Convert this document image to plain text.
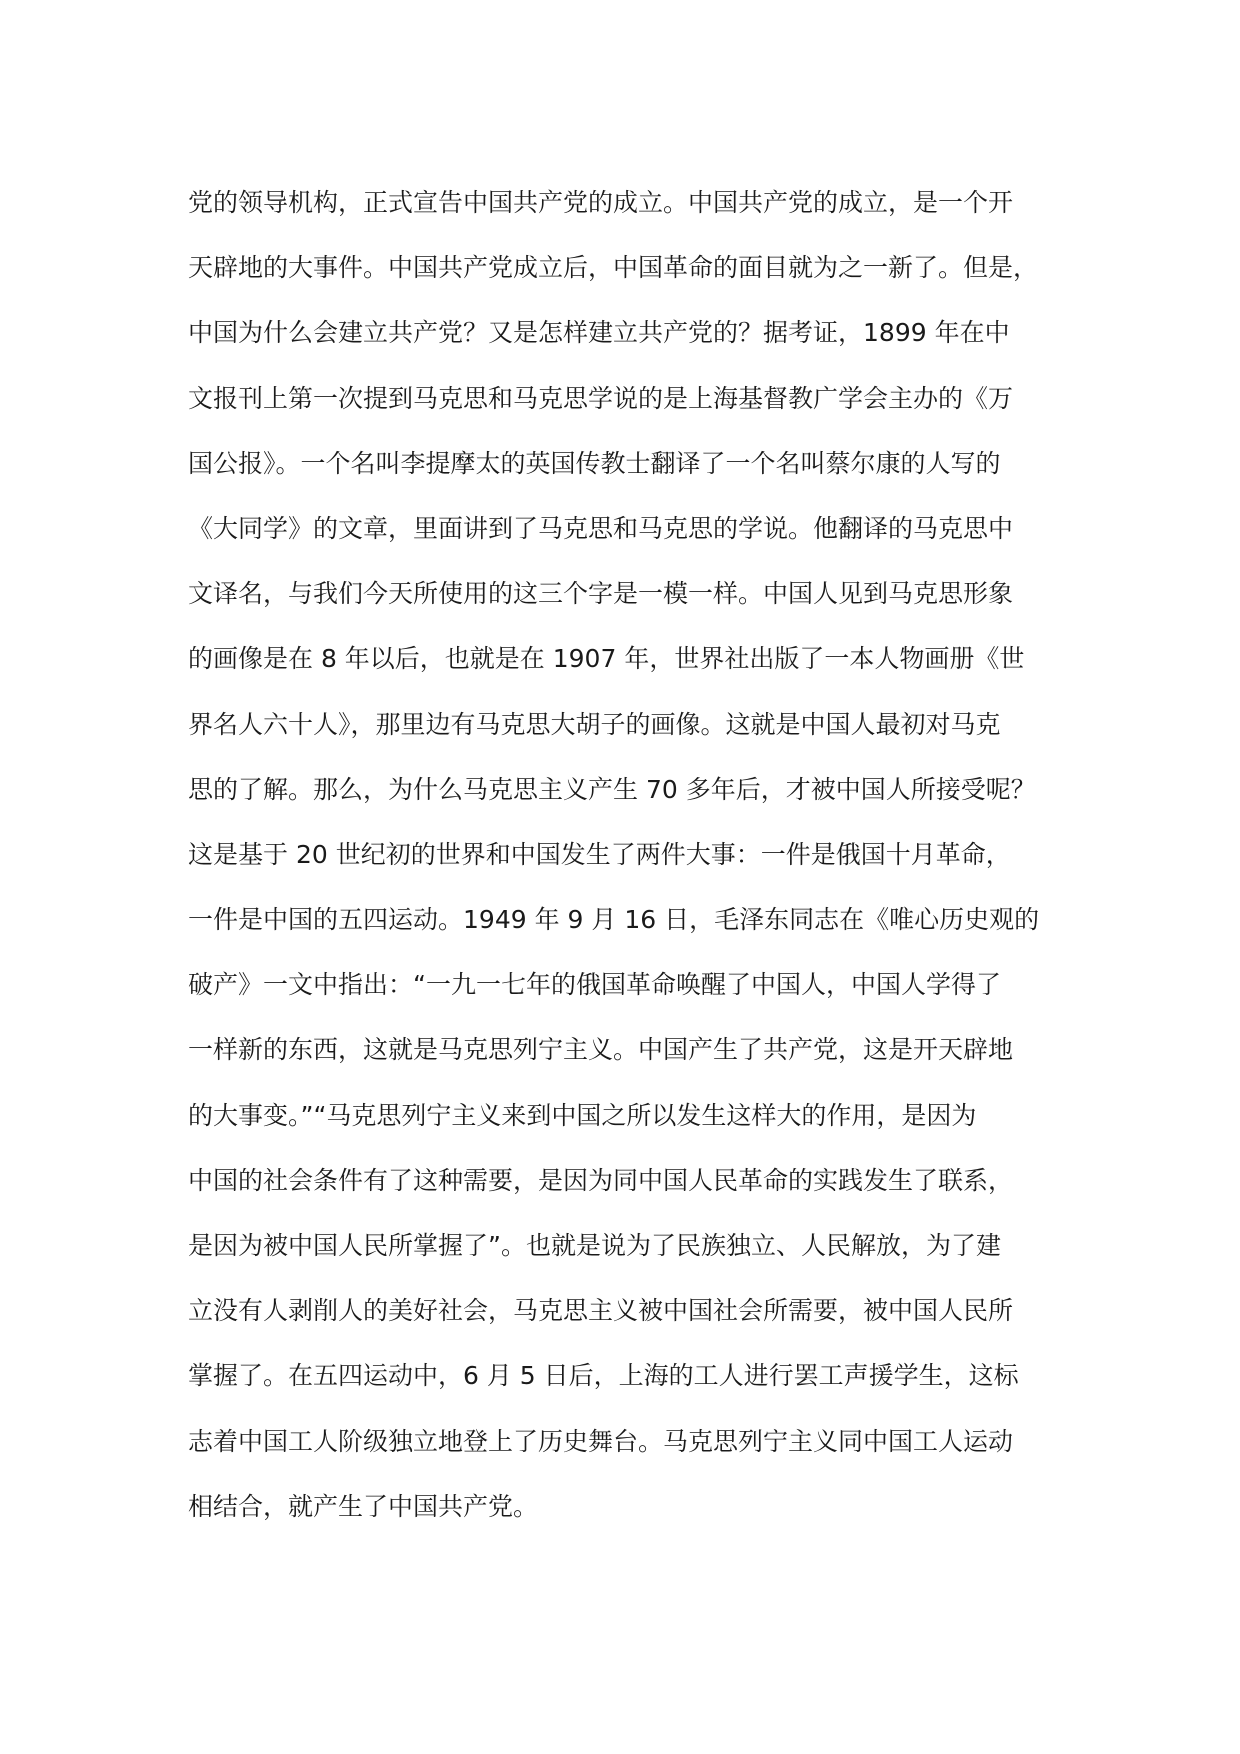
党的领导机构，正式宣告中国共产党的成立。中国共产党的成立，是一个开
天辟地的大事件。中国共产党成立后，中国革命的面目就为之一新了。但是，
中国为什么会建立共产党？又是怎样建立共产党的？据考证，1899 年在中
文报刊上第一次提到马克思和马克思学说的是上海基督教广学会主办的《万
国公报》。一个名叫李提摩太的英国传教士翻译了一个名叫蔡尔康的人写的
《大同学》的文章，里面讲到了马克思和马克思的学说。他翻译的马克思中
文译名，与我们今天所使用的这三个字是一模一样。中国人见到马克思形象
的画像是在 8 年以后，也就是在 1907 年，世界社出版了一本人物画册《世
界名人六十人》，那里边有马克思大胡子的画像。这就是中国人最初对马克
思的了解。那么，为什么马克思主义产生 70 多年后，才被中国人所接受呢？
这是基于 20 世纪初的世界和中国发生了两件大事：一件是俄国十月革命，
一件是中国的五四运动。1949 年 9 月 16 日，毛泽东同志在《唯心历史观的
破产》一文中指出：“一九一七年的俄国革命唤醒了中国人，中国人学得了
一样新的东西，这就是马克思列宁主义。中国产生了共产党，这是开天辟地
的大事变。”“马克思列宁主义来到中国之所以发生这样大的作用，是因为
中国的社会条件有了这种需要，是因为同中国人民革命的实践发生了联系，
是因为被中国人民所掌握了”。也就是说为了民族独立、人民解放，为了建
立没有人剥削人的美好社会，马克思主义被中国社会所需要，被中国人民所
掌握了。在五四运动中，6 月 5 日后，上海的工人进行罢工声援学生，这标
志着中国工人阶级独立地登上了历史舞台。马克思列宁主义同中国工人运动
相结合，就产生了中国共产党。
